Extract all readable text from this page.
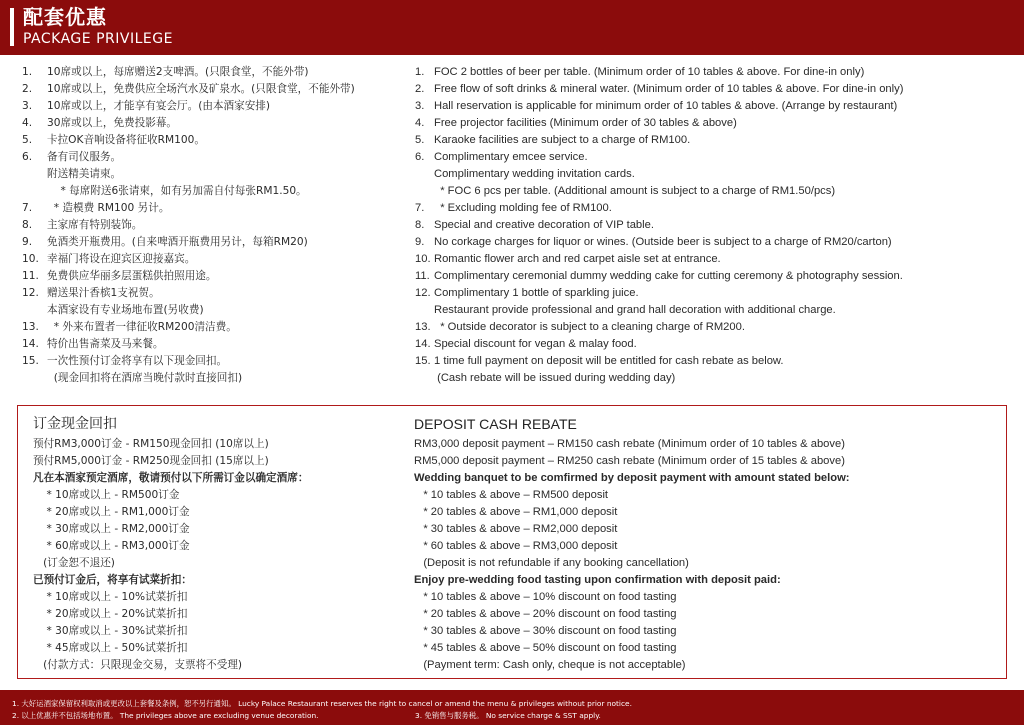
配套优惠
PACKAGE PRIVILEGE
1.	10席或以上，每席赠送2支啤酒。(只限食堂，不能外带)
2.	10席或以上，免费供应全场汽水及矿泉水。(只限食堂，不能外带)
3.	10席或以上，才能享有宴会厅。(由本酒家安排)
4.	30席或以上，免费投影幕。
5.	卡拉OK音响设备将征收RM100。
6.	备有司仪服务。
附送精美请柬。
* 每席附送6张请柬，如有另加需自付每张RM1.50。
7.	* 造模费 RM100 另计。
8.	主家席有特别装饰。
9.	免酒类开瓶费用。(自来啤酒开瓶费用另计，每箱RM20)
10. 幸福门将设在迎宾区迎接嘉宾。
11. 免费供应华丽多层蛋糕供拍照用途。
12. 赠送果汁香槟1支祝贺。
本酒家设有专业场地布置(另收费)
13. * 外来布置者一律征收RM200清洁费。
14. 特价出售斋菜及马来餐。
15. 一次性预付订金将享有以下现金回扣。
(现金回扣将在酒席当晚付款时直接回扣)
1. FOC 2 bottles of beer per table. (Minimum order of 10 tables & above. For dine-in only)
2. Free flow of soft drinks & mineral water. (Minimum order of 10 tables & above. For dine-in only)
3. Hall reservation is applicable for minimum order of 10 tables & above. (Arrange by restaurant)
4. Free projector facilities (Minimum order of 30 tables & above)
5. Karaoke facilities are subject to a charge of RM100.
6. Complimentary emcee service.
Complimentary wedding invitation cards.
* FOC 6 pcs per table. (Additional amount is subject to a charge of RM1.50/pcs)
7. * Excluding molding fee of RM100.
8. Special and creative decoration of VIP table.
9. No corkage charges for liquor or wines. (Outside beer is subject to a charge of RM20/carton)
10. Romantic flower arch and red carpet aisle set at entrance.
11. Complimentary ceremonial dummy wedding cake for cutting ceremony & photography session.
12. Complimentary 1 bottle of sparkling juice.
Restaurant provide professional and grand hall decoration with additional charge.
13. * Outside decorator is subject to a cleaning charge of RM200.
14. Special discount for vegan & malay food.
15. 1 time full payment on deposit will be entitled for cash rebate as below.
(Cash rebate will be issued during wedding day)
订金现金回扣	DEPOSIT CASH REBATE
预付RM3,000订金 - RM150现金回扣 (10席以上)
预付RM5,000订金 - RM250现金回扣 (15席以上)
凡在本酒家预定酒席，敬请预付以下所需订金以确定酒席：
* 10席或以上 - RM500订金
* 20席或以上 - RM1,000订金
* 30席或以上 - RM2,000订金
* 60席或以上 - RM3,000订金
(订金恕不退还)
已预付订金后，将享有试菜折扣：
* 10席或以上 - 10%试菜折扣
* 20席或以上 - 20%试菜折扣
* 30席或以上 - 30%试菜折扣
* 45席或以上 - 50%试菜折扣
(付款方式：只限现金交易，支票将不受理)
RM3,000 deposit payment – RM150 cash rebate (Minimum order of 10 tables & above)
RM5,000 deposit payment – RM250 cash rebate (Minimum order of 15 tables & above)
Wedding banquet to be comfirmed by deposit payment with amount stated below:
* 10 tables & above – RM500 deposit
* 20 tables & above – RM1,000 deposit
* 30 tables & above – RM2,000 deposit
* 60 tables & above – RM3,000 deposit
(Deposit is not refundable if any booking cancellation)
Enjoy pre-wedding food tasting upon confirmation with deposit paid:
* 10 tables & above – 10% discount on food tasting
* 20 tables & above – 20% discount on food tasting
* 30 tables & above – 30% discount on food tasting
* 45 tables & above – 50% discount on food tasting
(Payment term: Cash only, cheque is not acceptable)
1. 大好运酒家保留权利取消或更改以上套餐及条例，恕不另行通知。 Lucky Palace Restaurant reserves the right to cancel or amend the menu & privileges without prior notice.
2. 以上优惠并不包括场地布置。 The privileges above are excluding venue decoration.	3. 免销售与服务税。 No service charge & SST apply.
